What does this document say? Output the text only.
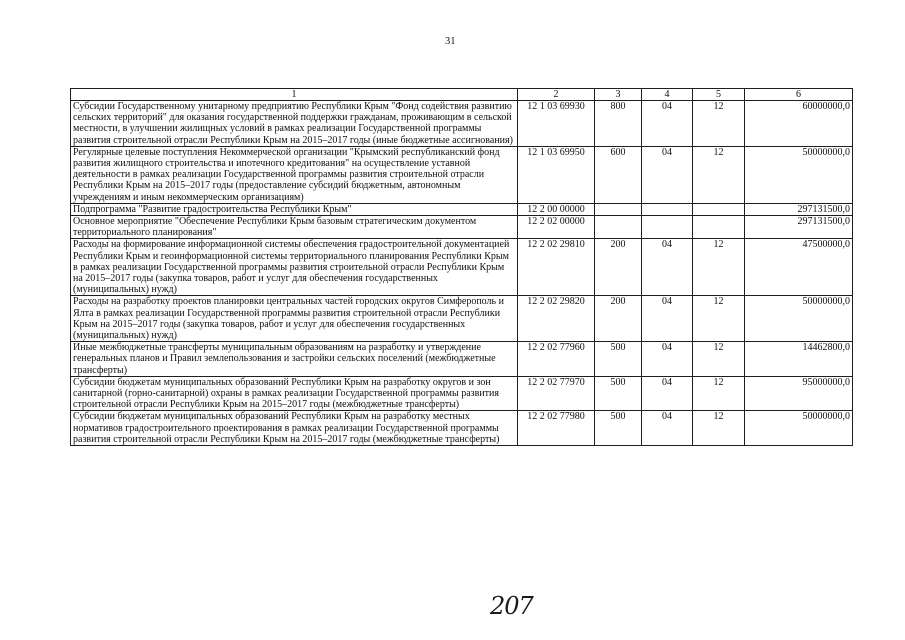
31
1	2	3	4	5	6
Субсидии Государственному унитарному предприятию Республики Крым "Фонд содействия развитию сельских территорий" для оказания государственной поддержки гражданам, проживающим в сельской местности, в улучшении жилищных условий в рамках реализации Государственной программы развития строительной отрасли Республики Крым на 2015–2017 годы (иные бюджетные ассигнования)	12 1 03 69930	800	04	12	60000000,0
Регулярные целевые поступления Некоммерческой организации "Крымский республиканский фонд развития жилищного строительства и ипотечного кредитования" на осуществление уставной деятельности в рамках реализации Государственной программы развития строительной отрасли Республики Крым на 2015–2017 годы (предоставление субсидий бюджетным, автономным учреждениям и иным некоммерческим организациям)	12 1 03 69950	600	04	12	50000000,0
Подпрограмма "Развитие градостроительства Республики Крым"	12 2 00 00000				297131500,0
Основное мероприятие "Обеспечение Республики Крым базовым стратегическим документом территориального планирования"	12 2 02 00000				297131500,0
Расходы на формирование информационной системы обеспечения градостроительной документацией Республики Крым и геоинформационной системы территориального планирования Республики Крым в рамках реализации Государственной программы развития строительной отрасли Республики Крым на 2015–2017 годы (закупка товаров, работ и услуг для обеспечения государственных (муниципальных) нужд)	12 2 02 29810	200	04	12	47500000,0
Расходы на разработку проектов планировки центральных частей городских округов Симферополь и Ялта в рамках реализации Государственной программы развития строительной отрасли Республики Крым на 2015–2017 годы (закупка товаров, работ и услуг для обеспечения государственных (муниципальных) нужд)	12 2 02 29820	200	04	12	50000000,0
Иные межбюджетные трансферты муниципальным образованиям на разработку и утверждение генеральных планов и Правил землепользования и застройки сельских поселений (межбюджетные трансферты)	12 2 02 77960	500	04	12	14462800,0
Субсидии бюджетам муниципальных образований Республики Крым на разработку округов и зон санитарной (горно-санитарной) охраны в рамках реализации Государственной программы развития строительной отрасли Республики Крым на 2015–2017 годы (межбюджетные трансферты)	12 2 02 77970	500	04	12	95000000,0
Субсидии бюджетам муниципальных образований Республики Крым на разработку местных нормативов градостроительного проектирования в рамках реализации Государственной программы развития строительной отрасли Республики Крым на 2015–2017 годы (межбюджетные трансферты)	12 2 02 77980	500	04	12	50000000,0
207
